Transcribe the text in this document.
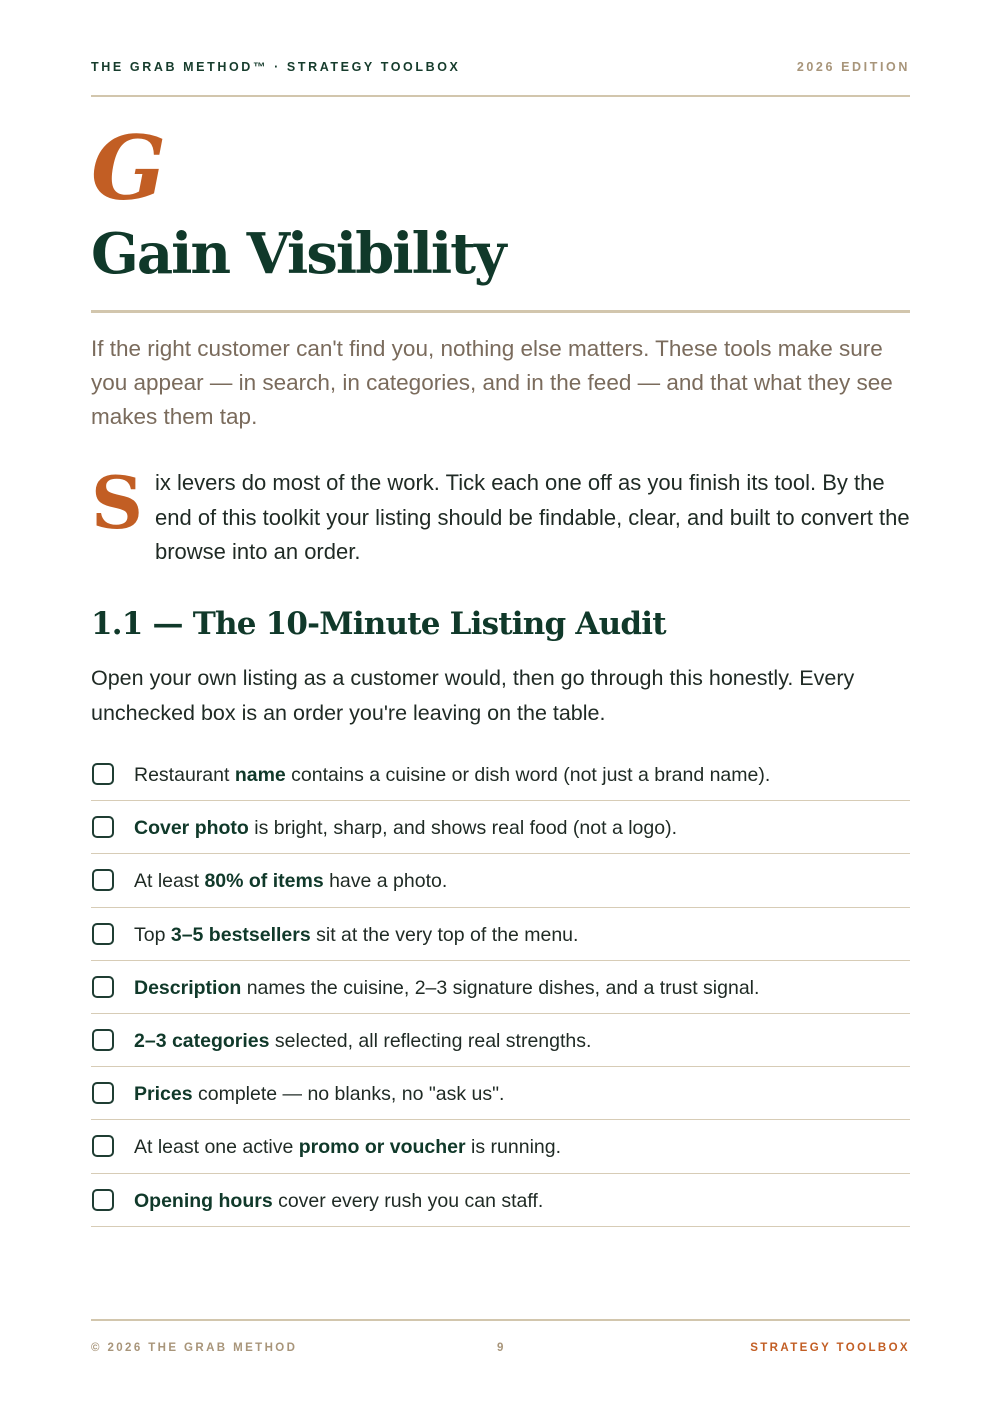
THE GRAB METHOD™ · STRATEGY TOOLBOX	2026 EDITION
G
Gain Visibility

If the right customer can't find you, nothing else matters. These tools make sure you appear — in search, in categories, and in the feed — and that what they see makes them tap.

Six levers do most of the work. Tick each one off as you finish its tool. By the end of this toolkit your listing should be findable, clear, and built to convert the browse into an order.

1.1 — The 10-Minute Listing Audit

Open your own listing as a customer would, then go through this honestly. Every unchecked box is an order you're leaving on the table.

Restaurant name contains a cuisine or dish word (not just a brand name).
Cover photo is bright, sharp, and shows real food (not a logo).
At least 80% of items have a photo.
Top 3–5 bestsellers sit at the very top of the menu.
Description names the cuisine, 2–3 signature dishes, and a trust signal.
2–3 categories selected, all reflecting real strengths.
Prices complete — no blanks, no "ask us".
At least one active promo or voucher is running.
Opening hours cover every rush you can staff.
© 2026 THE GRAB METHOD	9	STRATEGY TOOLBOX
